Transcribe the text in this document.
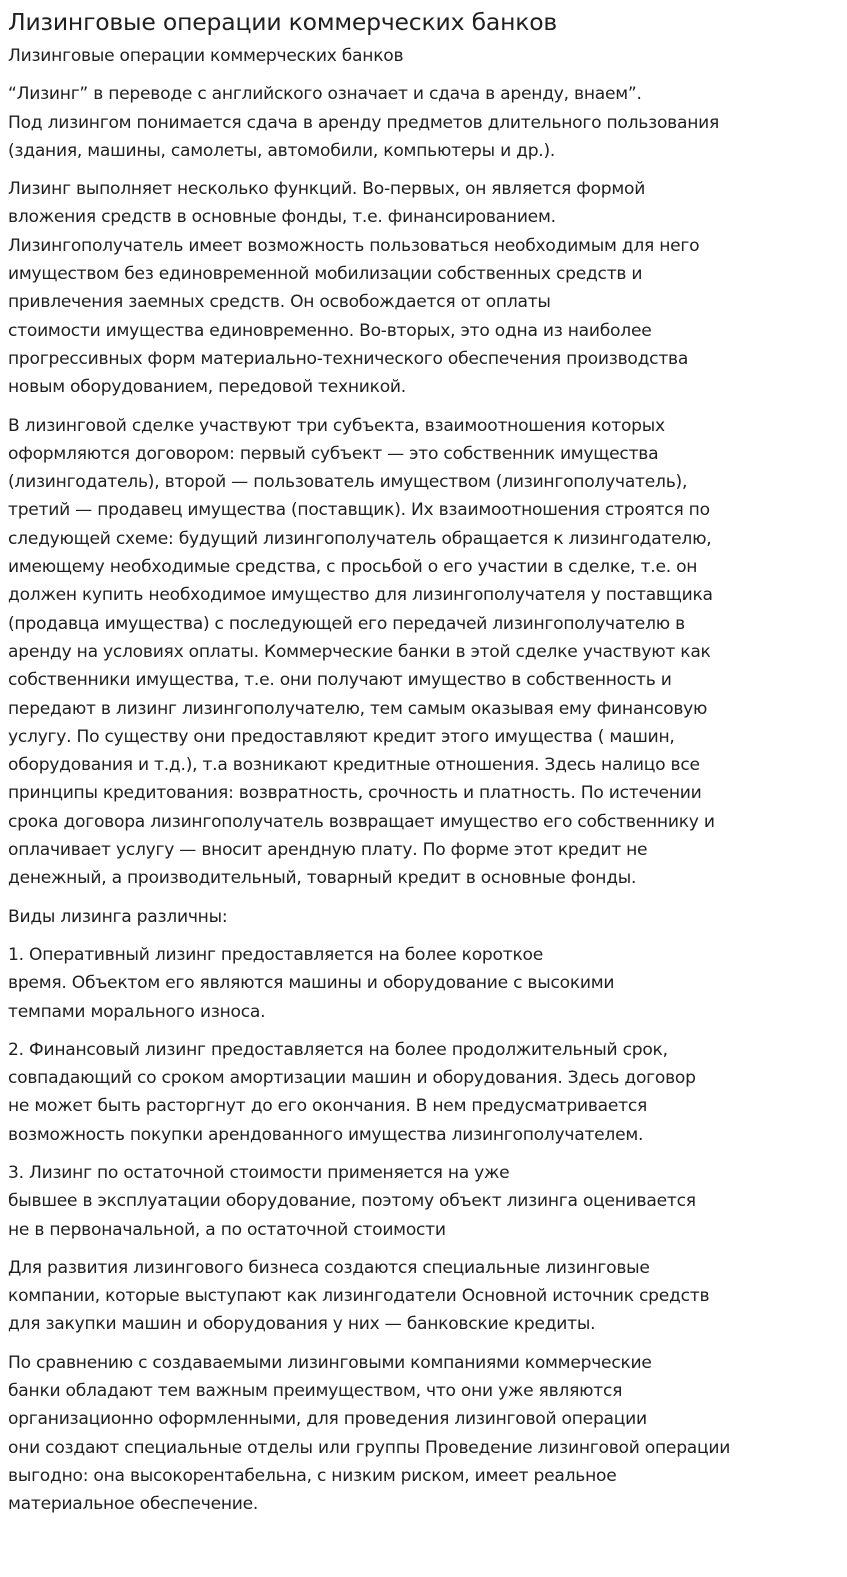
Лизинговые операции коммерческих банков
Лизинговые операции коммерческих банков
“Лизинг” в переводе с английского означает и сдача в аренду, внаем”.
Под лизингом понимается сдача в аренду предметов длительного пользования
(здания, машины, самолеты, автомобили, компьютеры и др.).
Лизинг выполняет несколько функций. Во-первых, он является формой
вложения средств в основные фонды, т.е. финансированием.
Лизингополучатель имеет возможность пользоваться необходимым для него
имуществом без единовременной мобилизации собственных средств и
привлечения заемных средств. Он освобождается от оплаты
стоимости имущества единовременно. Во-вторых, это одна из наиболее
прогрессивных форм материально-технического обеспечения производства
новым оборудованием, передовой техникой.
В лизинговой сделке участвуют три субъекта, взаимоотношения которых
оформляются договором: первый субъект — это собственник имущества
(лизингодатель), второй — пользователь имуществом (лизингополучатель),
третий — продавец имущества (поставщик). Их взаимоотношения строятся по
следующей схеме: будущий лизингополучатель обращается к лизингодателю,
имеющему необходимые средства, с просьбой о его участии в сделке, т.е. он
должен купить необходимое имущество для лизингополучателя у поставщика
(продавца имущества) с последующей его передачей лизингополучателю в
аренду на условиях оплаты. Коммерческие банки в этой сделке участвуют как
собственники имущества, т.е. они получают имущество в собственность и
передают в лизинг лизингополучателю, тем самым оказывая ему финансовую
услугу. По существу они предоставляют кредит этого имущества ( машин,
оборудования и т.д.), т.а возникают кредитные отношения. Здесь налицо все
принципы кредитования: возвратность, срочность и платность. По истечении
срока договора лизингополучатель возвращает имущество его собственнику и
оплачивает услугу — вносит арендную плату. По форме этот кредит не
денежный, а производительный, товарный кредит в основные фонды.
Виды лизинга различны:
1. Оперативный лизинг предоставляется на более короткое
время. Объектом его являются машины и оборудование с высокими
темпами морального износа.
2. Финансовый лизинг предоставляется на более продолжительный срок,
совпадающий со сроком амортизации машин и оборудования. Здесь договор
не может быть расторгнут до его окончания. В нем предусматривается
возможность покупки арендованного имущества лизингополучателем.
3. Лизинг по остаточной стоимости применяется на уже
бывшее в эксплуатации оборудование, поэтому объект лизинга оценивается
не в первоначальной, а по остаточной стоимости
Для развития лизингового бизнеса создаются специальные лизинговые
компании, которые выступают как лизингодатели Основной источник средств
для закупки машин и оборудования у них — банковские кредиты.
По сравнению с создаваемыми лизинговыми компаниями коммерческие
банки обладают тем важным преимуществом, что они уже являются
организационно оформленными, для проведения лизинговой операции
они создают специальные отделы или группы Проведение лизинговой операции
выгодно: она высокорентабельна, с низким риском, имеет реальное
материальное обеспечение.
